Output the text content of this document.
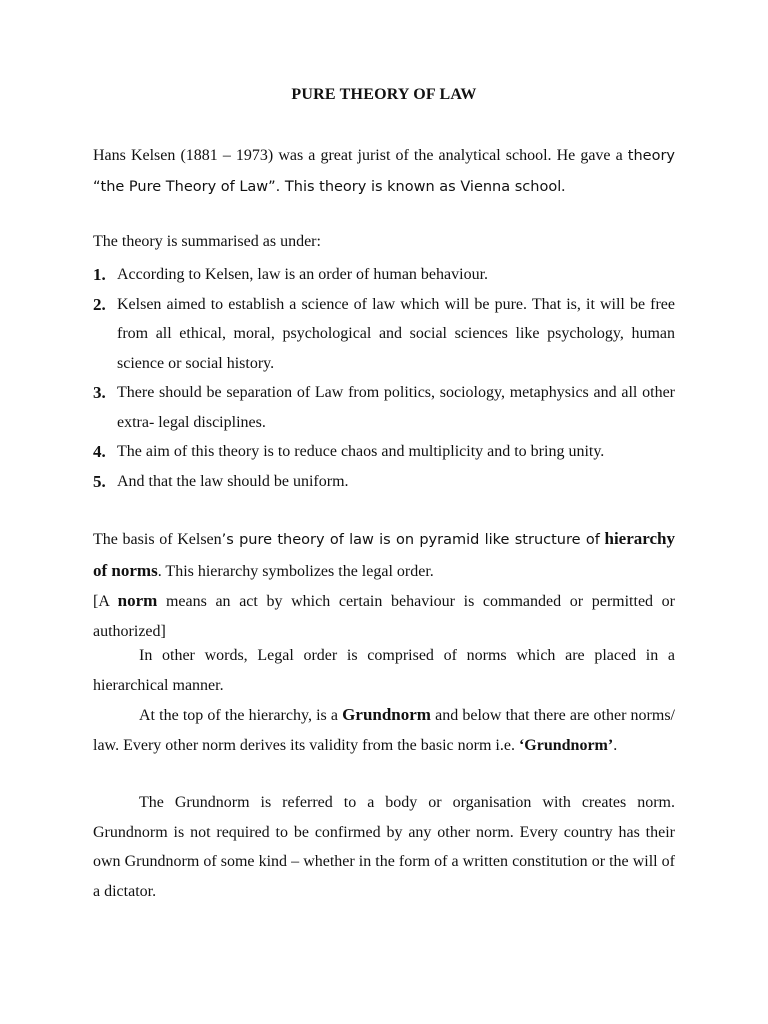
PURE THEORY OF LAW
Hans Kelsen (1881 – 1973) was a great jurist of the analytical school. He gave a theory “the Pure Theory of Law”. This theory is known as Vienna school.
The theory is summarised as under:
1. According to Kelsen, law is an order of human behaviour.
2. Kelsen aimed to establish a science of law which will be pure. That is, it will be free from all ethical, moral, psychological and social sciences like psychology, human science or social history.
3. There should be separation of Law from politics, sociology, metaphysics and all other extra- legal disciplines.
4. The aim of this theory is to reduce chaos and multiplicity and to bring unity.
5. And that the law should be uniform.
The basis of Kelsen’s pure theory of law is on pyramid like structure of hierarchy of norms. This hierarchy symbolizes the legal order.
[A norm means an act by which certain behaviour is commanded or permitted or authorized]
In other words, Legal order is comprised of norms which are placed in a hierarchical manner.
At the top of the hierarchy, is a Grundnorm and below that there are other norms/ law. Every other norm derives its validity from the basic norm i.e. ‘Grundnorm’.
The Grundnorm is referred to a body or organisation with creates norm. Grundnorm is not required to be confirmed by any other norm. Every country has their own Grundnorm of some kind – whether in the form of a written constitution or the will of a dictator.
